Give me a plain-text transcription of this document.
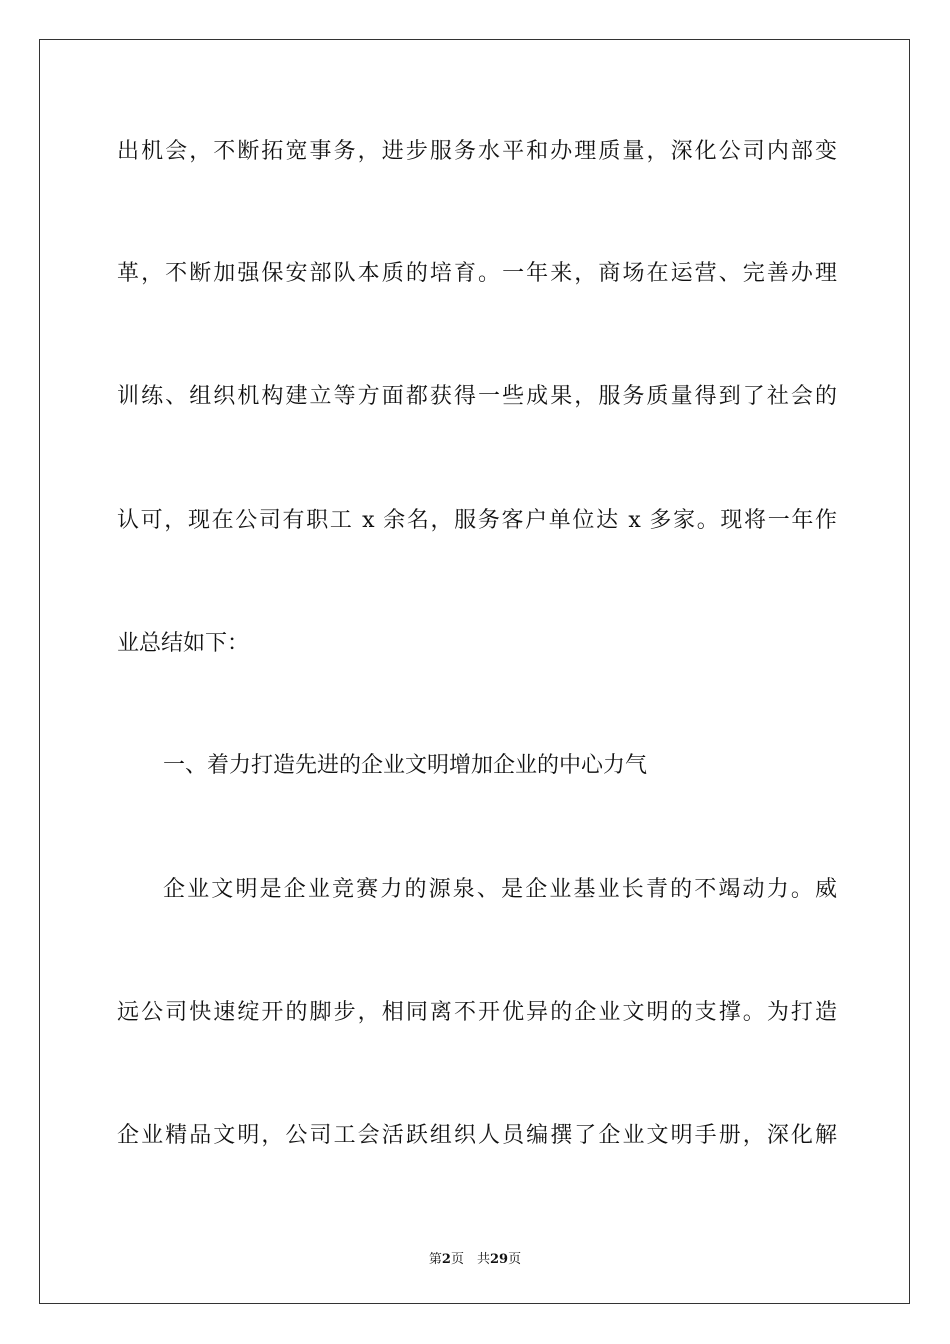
出机会，不断拓宽事务，进步服务水平和办理质量，深化公司内部变
革，不断加强保安部队本质的培育。一年来，商场在运营、完善办理
训练、组织机构建立等方面都获得一些成果，服务质量得到了社会的
认可，现在公司有职工 x 余名，服务客户单位达 x 多家。现将一年作
业总结如下：
一、着力打造先进的企业文明增加企业的中心力气
企业文明是企业竞赛力的源泉、是企业基业长青的不竭动力。威
远公司快速绽开的脚步，相同离不开优异的企业文明的支撑。为打造
企业精品文明，公司工会活跃组织人员编撰了企业文明手册，深化解
第2页　共29页
